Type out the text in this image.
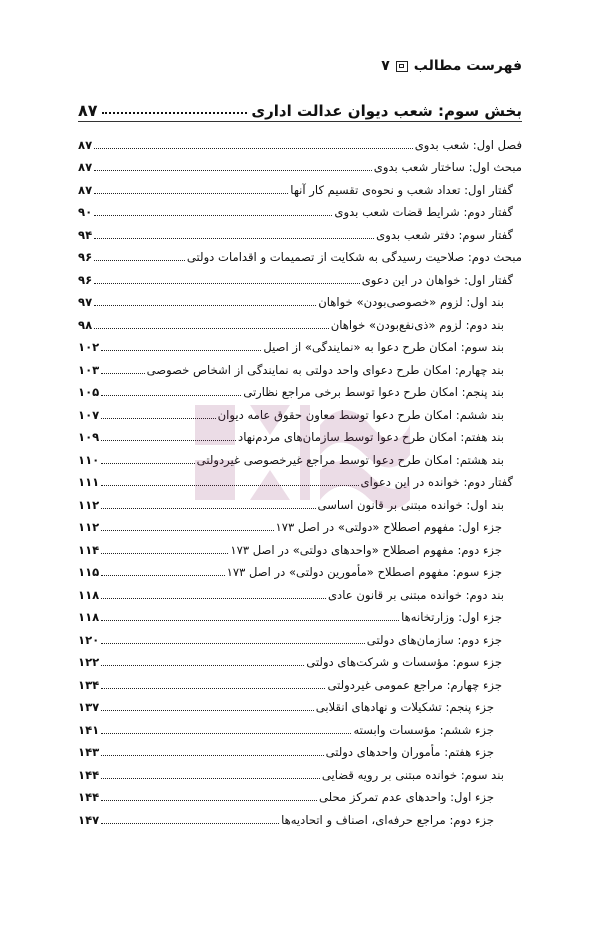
فهرست مطالب
۷
بخش سوم: شعب دیوان عدالت اداری
۸۷
فصل اول: شعب بدوی
۸۷
مبحث اول: ساختار شعب بدوی
۸۷
گفتار اول: تعداد شعب و نحوه‌ی تقسیم کار آنها
۸۷
گفتار دوم: شرایط قضات شعب بدوی
۹۰
گفتار سوم: دفتر شعب بدوی
۹۴
مبحث دوم: صلاحیت رسیدگی به شکایت از تصمیمات و اقدامات دولتی
۹۶
گفتار اول: خواهان در این دعوی
۹۶
بند اول: لزوم «خصوصی‌بودن» خواهان
۹۷
بند دوم: لزوم «ذی‌نفع‌بودن» خواهان
۹۸
بند سوم: امکان طرح دعوا به «نمایندگی» از اصیل
۱۰۲
بند چهارم: امکان طرح دعوای واحد دولتی به نمایندگی از اشخاص خصوصی
۱۰۳
بند پنجم: امکان طرح دعوا توسط برخی مراجع نظارتی
۱۰۵
بند ششم: امکان طرح دعوا توسط معاون حقوق عامه دیوان
۱۰۷
بند هفتم: امکان طرح دعوا توسط سازمان‌های مردم‌نهاد
۱۰۹
بند هشتم: امکان طرح دعوا توسط مراجع غیرخصوصی غیردولتی
۱۱۰
گفتار دوم: خوانده در این دعوای
۱۱۱
بند اول: خوانده مبتنی بر قانون اساسی
۱۱۲
جزء اول: مفهوم اصطلاح «دولتی» در اصل ۱۷۳
۱۱۲
جزء دوم: مفهوم اصطلاح «واحدهای دولتی» در اصل ۱۷۳
۱۱۴
جزء سوم: مفهوم اصطلاح «مأمورین دولتی» در اصل ۱۷۳
۱۱۵
بند دوم: خوانده مبتنی بر قانون عادی
۱۱۸
جزء اول: وزارتخانه‌ها
۱۱۸
جزء دوم: سازمان‌های دولتی
۱۲۰
جزء سوم: مؤسسات و شرکت‌های دولتی
۱۲۲
جزء چهارم: مراجع عمومی غیردولتی
۱۳۴
جزء پنجم: تشکیلات و نهادهای انقلابی
۱۳۷
جزء ششم: مؤسسات وابسته
۱۴۱
جزء هفتم: مأموران واحدهای دولتی
۱۴۳
بند سوم: خوانده مبتنی بر رویه قضایی
۱۴۴
جزء اول: واحدهای عدم تمرکز محلی
۱۴۴
جزء دوم: مراجع حرفه‌ای، اصناف و اتحادیه‌ها
۱۴۷
